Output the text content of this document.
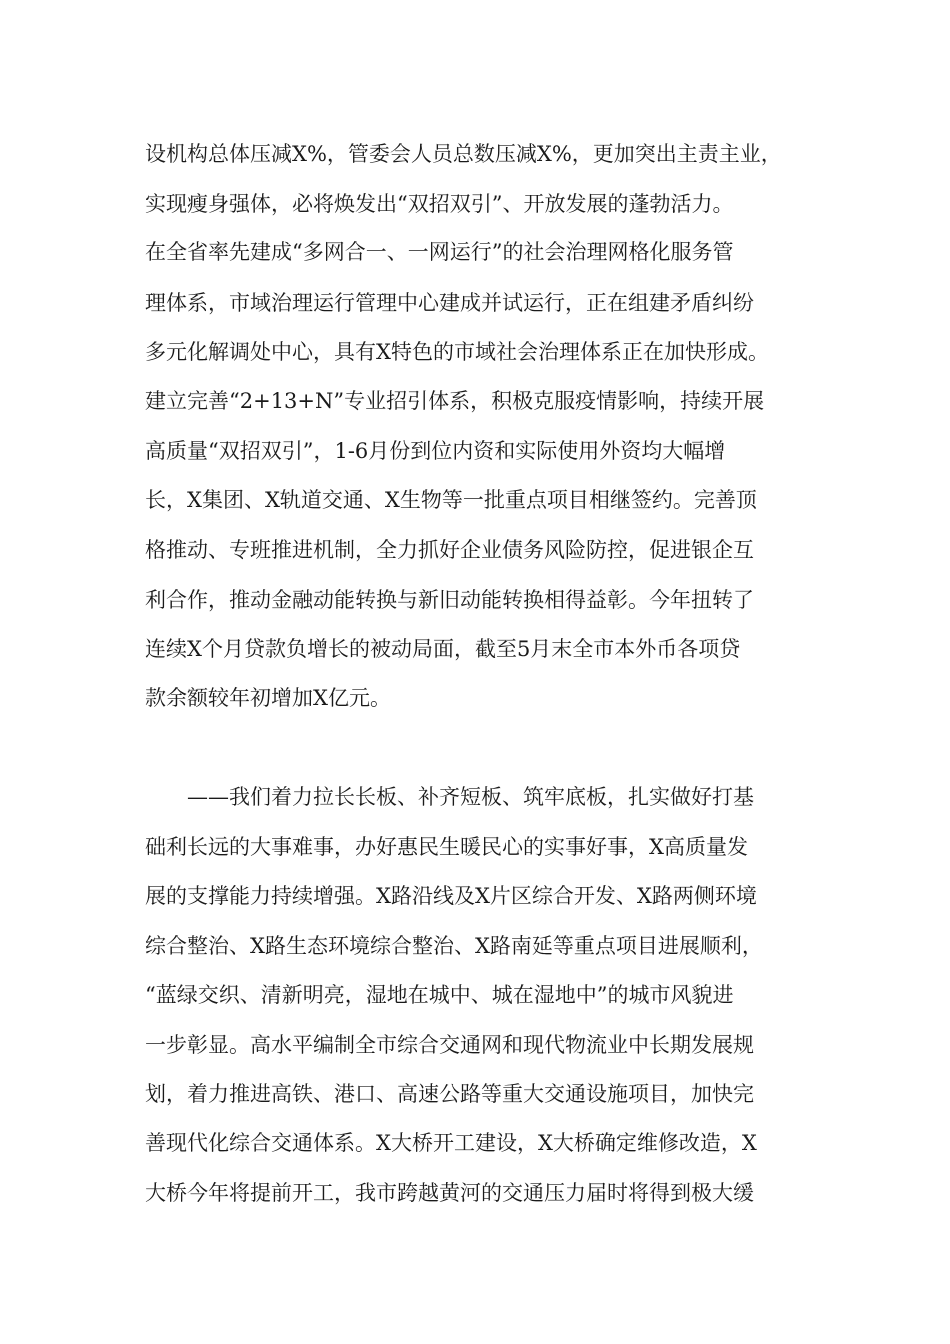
设机构总体压减X%，管委会人员总数压减X%，更加突出主责主业，
实现瘦身强体，必将焕发出“双招双引”、开放发展的蓬勃活力。
在全省率先建成“多网合一、一网运行”的社会治理网格化服务管
理体系，市域治理运行管理中心建成并试运行，正在组建矛盾纠纷
多元化解调处中心，具有X特色的市域社会治理体系正在加快形成。
建立完善“2+13+N”专业招引体系，积极克服疫情影响，持续开展
高质量“双招双引”，1-6月份到位内资和实际使用外资均大幅增
长，X集团、X轨道交通、X生物等一批重点项目相继签约。完善顶
格推动、专班推进机制，全力抓好企业债务风险防控，促进银企互
利合作，推动金融动能转换与新旧动能转换相得益彰。今年扭转了
连续X个月贷款负增长的被动局面，截至5月末全市本外币各项贷
款余额较年初增加X亿元。
——我们着力拉长长板、补齐短板、筑牢底板，扎实做好打基
础利长远的大事难事，办好惠民生暖民心的实事好事，X高质量发
展的支撑能力持续增强。X路沿线及X片区综合开发、X路两侧环境
综合整治、X路生态环境综合整治、X路南延等重点项目进展顺利，
“蓝绿交织、清新明亮，湿地在城中、城在湿地中”的城市风貌进
一步彰显。高水平编制全市综合交通网和现代物流业中长期发展规
划，着力推进高铁、港口、高速公路等重大交通设施项目，加快完
善现代化综合交通体系。X大桥开工建设，X大桥确定维修改造，X
大桥今年将提前开工，我市跨越黄河的交通压力届时将得到极大缓
